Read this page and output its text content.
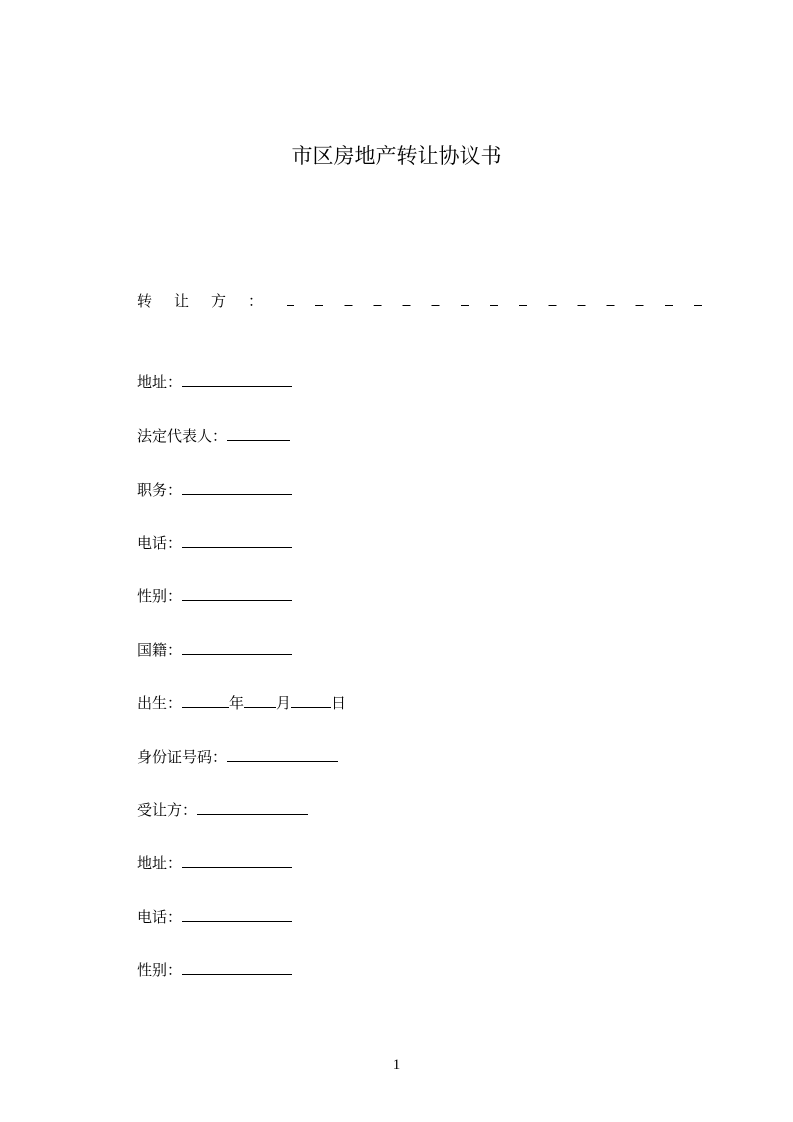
市区房地产转让协议书
转让方：
地址：
法定代表人：
职务：
电话：
性别：
国籍：
出生：	年 月	日
身份证号码：
受让方：
地址：
电话：
性别：
1
